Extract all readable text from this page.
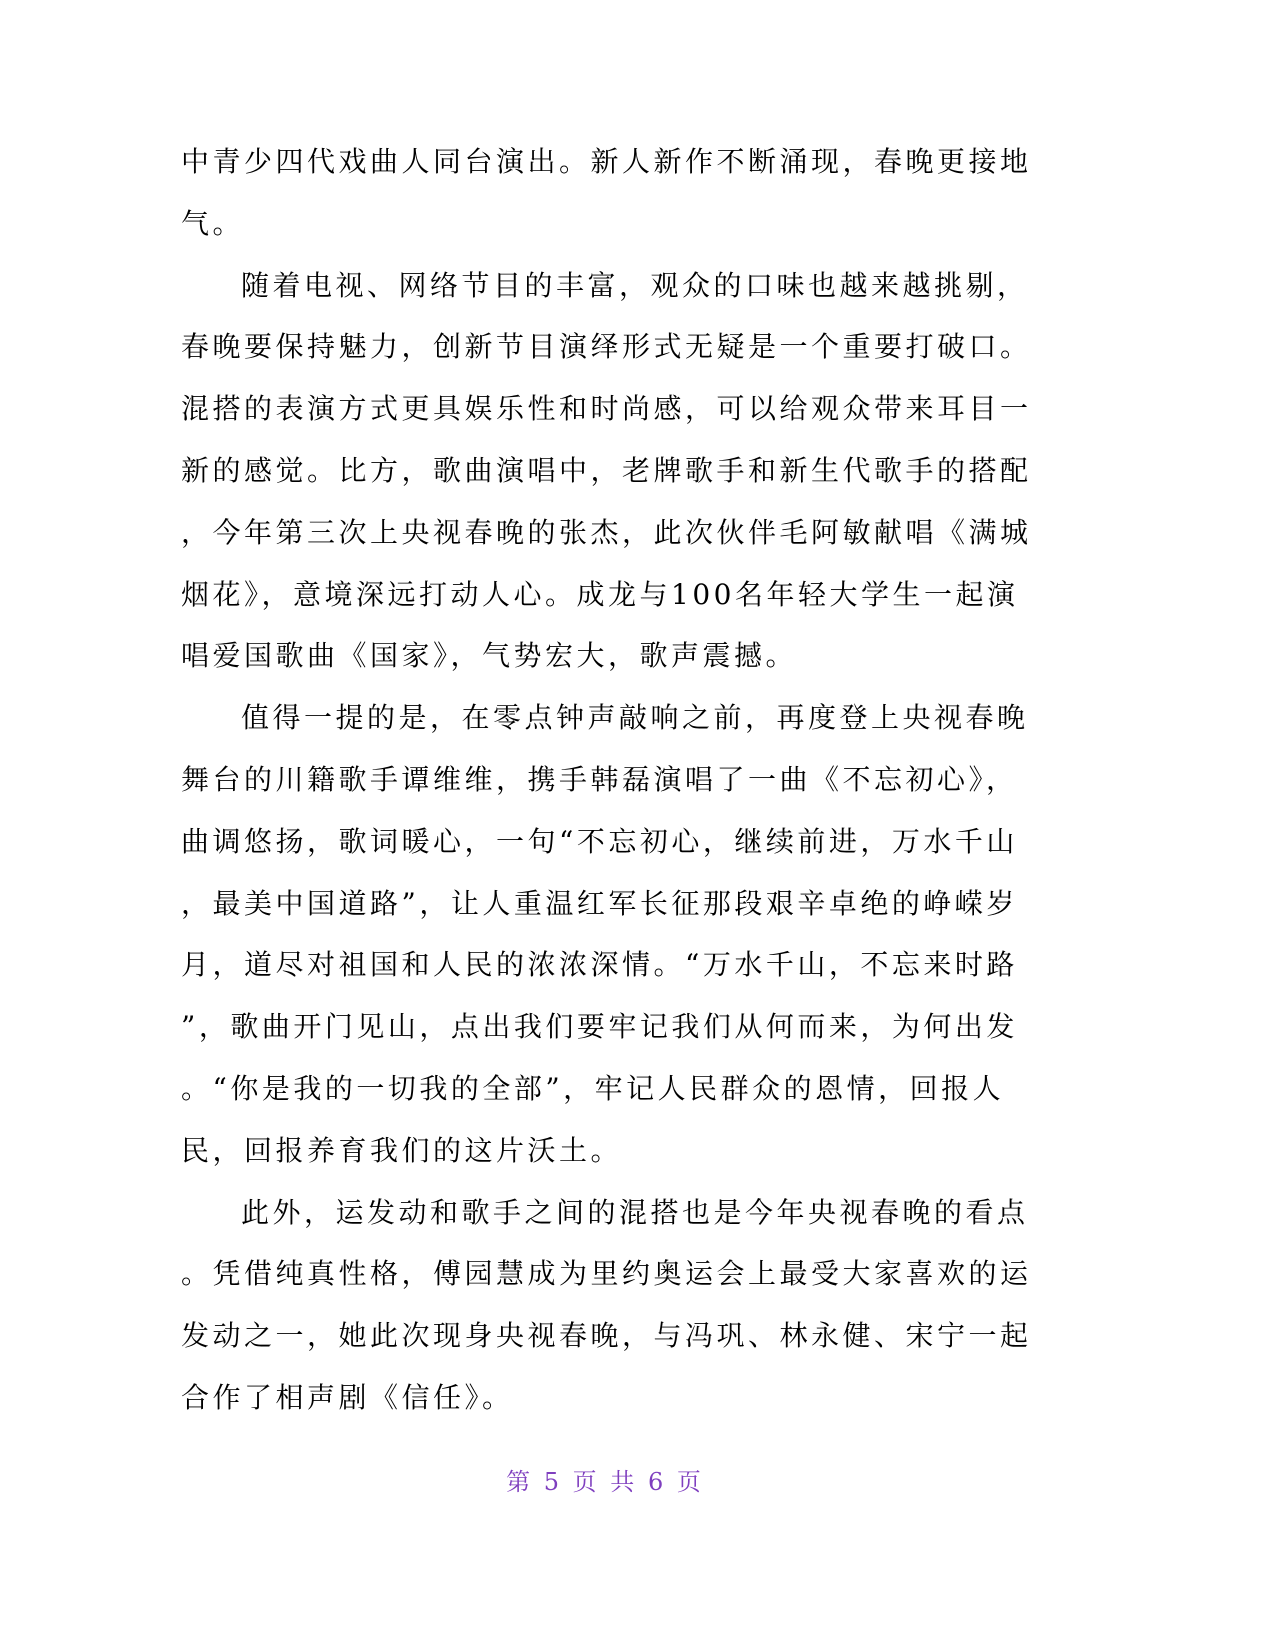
中青少四代戏曲人同台演出。新人新作不断涌现，春晚更接地
气。
随着电视、网络节目的丰富，观众的口味也越来越挑剔，
春晚要保持魅力，创新节目演绎形式无疑是一个重要打破口。
混搭的表演方式更具娱乐性和时尚感，可以给观众带来耳目一
新的感觉。比方，歌曲演唱中，老牌歌手和新生代歌手的搭配
，今年第三次上央视春晚的张杰，此次伙伴毛阿敏献唱《满城
烟花》，意境深远打动人心。成龙与100名年轻大学生一起演
唱爱国歌曲《国家》，气势宏大，歌声震撼。
值得一提的是，在零点钟声敲响之前，再度登上央视春晚
舞台的川籍歌手谭维维，携手韩磊演唱了一曲《不忘初心》，
曲调悠扬，歌词暖心，一句“不忘初心，继续前进，万水千山
，最美中国道路”，让人重温红军长征那段艰辛卓绝的峥嵘岁
月，道尽对祖国和人民的浓浓深情。“万水千山，不忘来时路
”，歌曲开门见山，点出我们要牢记我们从何而来，为何出发
。“你是我的一切我的全部”，牢记人民群众的恩情，回报人
民，回报养育我们的这片沃土。
此外，运发动和歌手之间的混搭也是今年央视春晚的看点
。凭借纯真性格，傅园慧成为里约奥运会上最受大家喜欢的运
发动之一，她此次现身央视春晚，与冯巩、林永健、宋宁一起
合作了相声剧《信任》。
第 5 页 共 6 页
